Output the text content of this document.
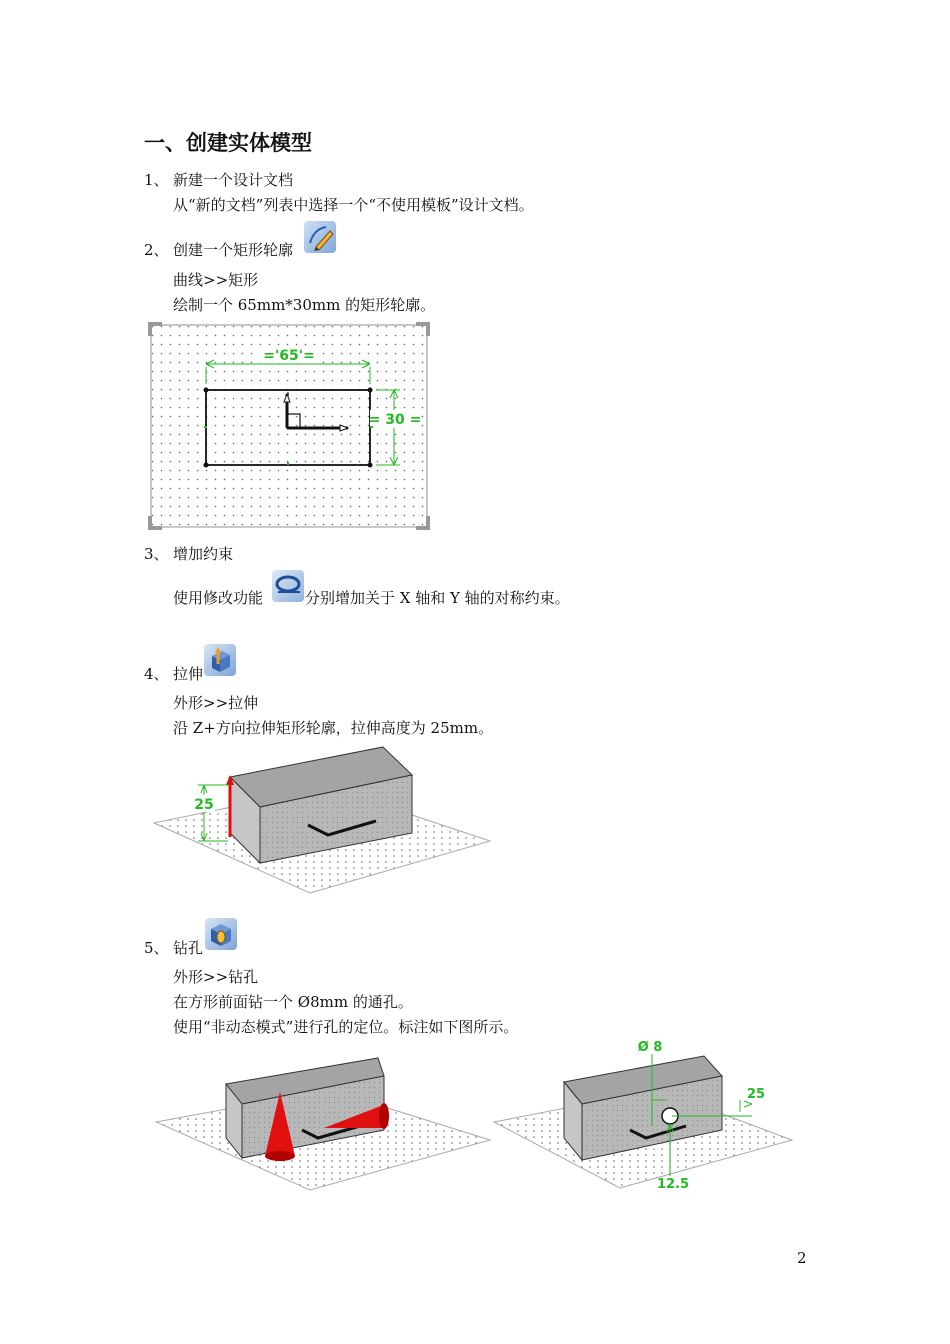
一、创建实体模型
1、 新建一个设计文档
从“新的文档”列表中选择一个“不使用模板”设计文档。
2、 创建一个矩形轮廓
曲线>>矩形
绘制一个 65mm*30mm 的矩形轮廓。
='65'=
= 30 =
3、 增加约束
使用修改功能	分别增加关于 X 轴和 Y 轴的对称约束。
4、 拉伸
外形>>拉伸
沿 Z+方向拉伸矩形轮廓，拉伸高度为 25mm。
25
5、 钻孔
外形>>钻孔
在方形前面钻一个 Ø8mm 的通孔。
使用“非动态模式”进行孔的定位。标注如下图所示。
Ø 8
25
12.5
2
